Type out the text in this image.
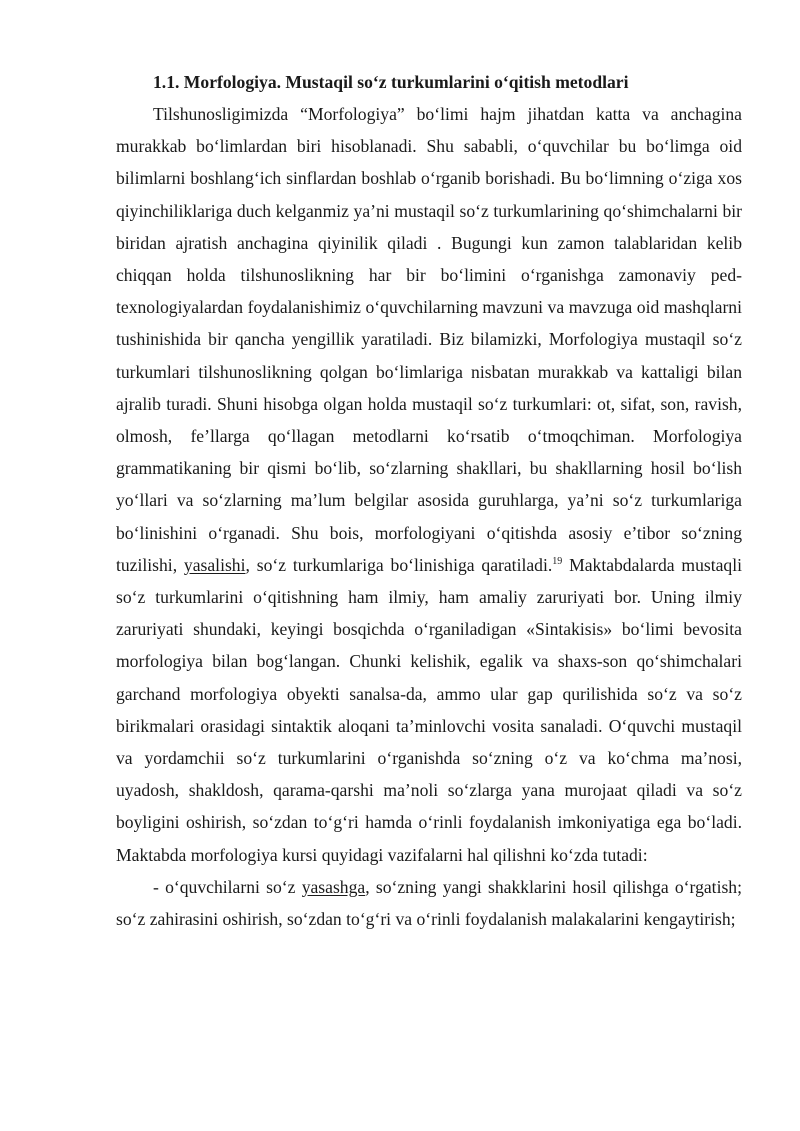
1.1. Morfologiya. Mustaqil so‘z turkumlarini o‘qitish metodlari

Tilshunosligimizda “Morfologiya” bo‘limi hajm jihatdan katta va anchagina murakkab bo‘limlardan biri hisoblanadi. Shu sababli, o‘quvchilar bu bo‘limga oid bilimlarni boshlang‘ich sinflardan boshlab o‘rganib borishadi. Bu bo‘limning o‘ziga xos qiyinchiliklariga duch kelganmiz ya’ni mustaqil so‘z turkumlarining qo‘shimchalarni bir biridan ajratish anchagina qiyinilik qiladi . Bugungi kun zamon talablaridan kelib chiqqan holda tilshunoslikning har bir bo‘limini o‘rganishga zamonaviy ped-texnologiyalardan foydalanishimiz o‘quvchilarning mavzuni va mavzuga oid mashqlarni tushinishida bir qancha yengillik yaratiladi. Biz bilamizki, Morfologiya mustaqil so‘z turkumlari tilshunoslikning qolgan bo‘limlariga nisbatan murakkab va kattaligi bilan ajralib turadi. Shuni hisobga olgan holda mustaqil so‘z turkumlari: ot, sifat, son, ravish, olmosh, fe’llarga qo‘llagan metodlarni ko‘rsatib o‘tmoqchiman. Morfologiya grammatikaning bir qismi bo‘lib, so‘zlarning shakllari, bu shakllarning hosil bo‘lish yo‘llari va so‘zlarning ma’lum belgilar asosida guruhlarga, ya’ni so‘z turkumlariga bo‘linishini o‘rganadi. Shu bois, morfologiyani o‘qitishda asosiy e’tibor so‘zning tuzilishi, yasalishi, so‘z turkumlariga bo‘linishiga qaratiladi.$^{19}$ Maktabdalarda mustaqli so‘z turkumlarini o‘qitishning ham ilmiy, ham amaliy zaruriyati bor. Uning ilmiy zaruriyati shundaki, keyingi bosqichda o‘rganiladigan «Sintakisis» bo‘limi bevosita morfologiya bilan bog‘langan. Chunki kelishik, egalik va shaxs-son qo‘shimchalari garchand morfologiya obyekti sanalsa-da, ammo ular gap qurilishida so‘z va so‘z birikmalari orasidagi sintaktik aloqani ta’minlovchi vosita sanaladi. O‘quvchi mustaqil va yordamchii so‘z turkumlarini o‘rganishda so‘zning o‘z va ko‘chma ma’nosi, uyadosh, shakldosh, qarama-qarshi ma’noli so‘zlarga yana murojaat qiladi va so‘z boyligini oshirish, so‘zdan to‘g‘ri hamda o‘rinli foydalanish imkoniyatiga ega bo‘ladi. Maktabda morfologiya kursi quyidagi vazifalarni hal qilishni ko‘zda tutadi:

- o‘quvchilarni so‘z yasashga, so‘zning yangi shakklarini hosil qilishga o‘rgatish; so‘z zahirasini oshirish, so‘zdan to‘g‘ri va o‘rinli foydalanish malakalarini kengaytirish;
